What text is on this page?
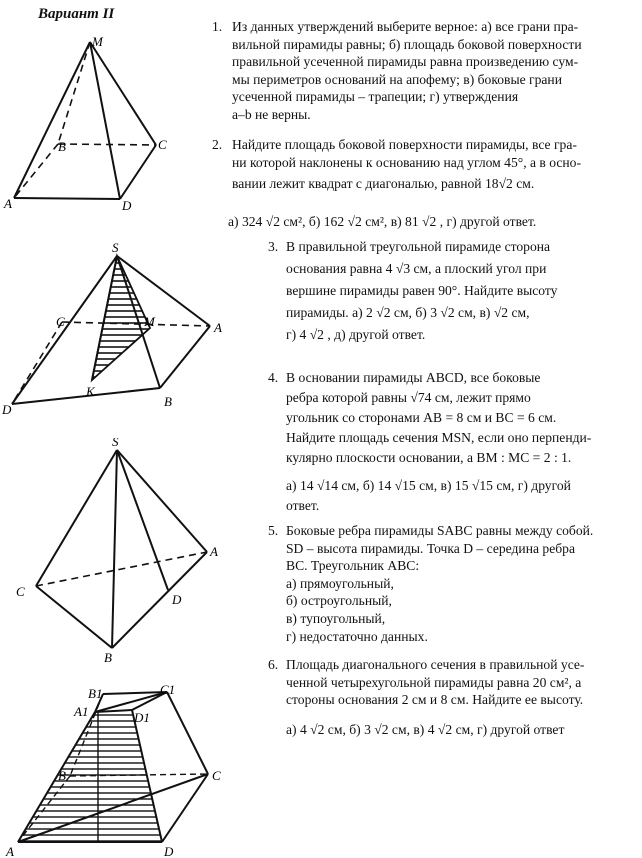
Вариант II
M
B	C
A	D
S
C	M	A
D
K
B
S
A
C
D
B
B1	C1
A1	D1
B	C
A	D
1. Из данных утверждений выберите верное: а) все грани пра-
вильной пирамиды равны; б) площадь боковой поверхности
правильной усеченной пирамиды равна произведению сум-
мы периметров оснований на апофему; в) боковые грани
усеченной пирамиды – трапеции; г) утверждения
а–b не верны.
2. Найдите площадь боковой поверхности пирамиды, все гра-
ни которой наклонены к основанию над углом 45°, а в осно-
вании лежит квадрат с диагональю, равной 18√2 см.
а) 324 √2 см², б) 162 √2 см², в) 81 √2 , г) другой ответ.
3. В правильной треугольной пирамиде сторона
основания равна 4 √3 см, а плоский угол при
вершине пирамиды равен 90°. Найдите высоту
пирамиды. а) 2 √2 см, б) 3 √2 см, в) √2 см,
г) 4 √2 , д) другой ответ.
4. В основании пирамиды ABCD, все боковые
ребра которой равны √74 см, лежит прямо
угольник со сторонами AB = 8 см и BC = 6 см.
Найдите площадь сечения MSN, если оно перпенди-
кулярно плоскости основании, а BM : MC = 2 : 1.
а) 14 √14 см, б) 14 √15 см, в) 15 √15 см, г) другой
ответ.
5. Боковые ребра пирамиды SABC равны между собой.
SD – высота пирамиды. Точка D – середина ребра
BC. Треугольник ABC:
а) прямоугольный,
б) остроугольный,
в) тупоугольный,
г) недостаточно данных.
6. Площадь диагонального сечения в правильной усе-
ченной четырехугольной пирамиды равна 20 см², а
стороны основания 2 см и 8 см. Найдите ее высоту.
а) 4 √2 см, б) 3 √2 см, в) 4 √2 см, г) другой ответ
